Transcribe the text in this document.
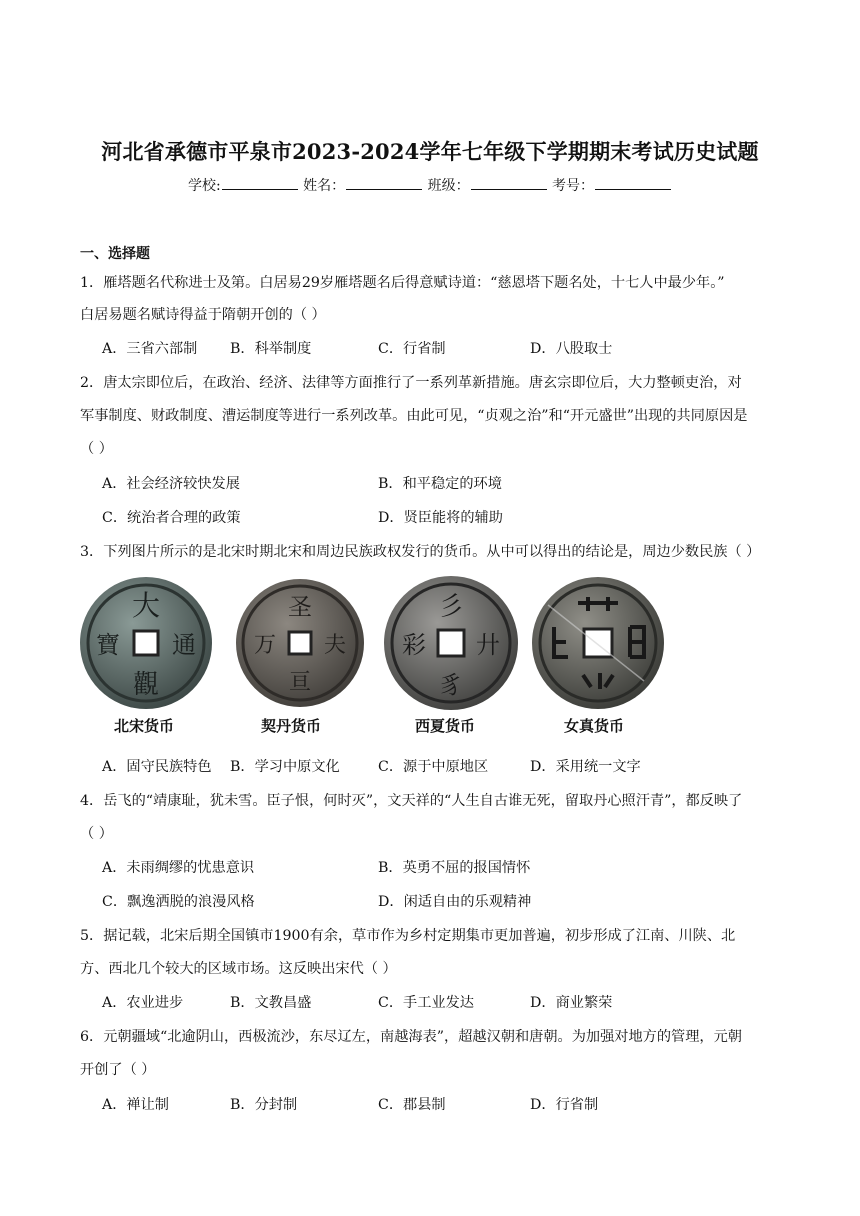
河北省承德市平泉市2023-2024学年七年级下学期期末考试历史试题
学校:	姓名：	班级：	考号：
一、选择题
1．雁塔题名代称进士及第。白居易29岁雁塔题名后得意赋诗道：“慈恩塔下题名处，十七人中最少年。”
白居易题名赋诗得益于隋朝开创的（ ）
A．三省六部制 B．科举制度	C．行省制	D．八股取士
2．唐太宗即位后，在政治、经济、法律等方面推行了一系列革新措施。唐玄宗即位后，大力整顿吏治，对
军事制度、财政制度、漕运制度等进行一系列改革。由此可见，“贞观之治”和“开元盛世”出现的共同原因是
（ ）
A．社会经济较快发展	B．和平稳定的环境
C．统治者合理的政策	D．贤臣能将的辅助
3．下列图片所示的是北宋时期北宋和周边民族政权发行的货币。从中可以得出的结论是，周边少数民族（ ）
大
通
觀
寶
圣
夫
亘
万
彡
廾
豸
彩
北宋货币	契丹货币	西夏货币	女真货币
A．固守民族特色 B．学习中原文化	C．源于中原地区	D．采用统一文字
4．岳飞的“靖康耻，犹未雪。臣子恨，何时灭”，文天祥的“人生自古谁无死，留取丹心照汗青”，都反映了
（ ）
A．未雨绸缪的忧患意识	B．英勇不屈的报国情怀
C．飘逸洒脱的浪漫风格	D．闲适自由的乐观精神
5．据记载，北宋后期全国镇市1900有余，草市作为乡村定期集市更加普遍，初步形成了江南、川陕、北
方、西北几个较大的区域市场。这反映出宋代（ ）
A．农业进步	B．文教昌盛	C．手工业发达	D．商业繁荣
6．元朝疆域“北逾阴山，西极流沙，东尽辽左，南越海表”，超越汉朝和唐朝。为加强对地方的管理，元朝
开创了（ ）
A．禅让制	B．分封制	C．郡县制	D．行省制
